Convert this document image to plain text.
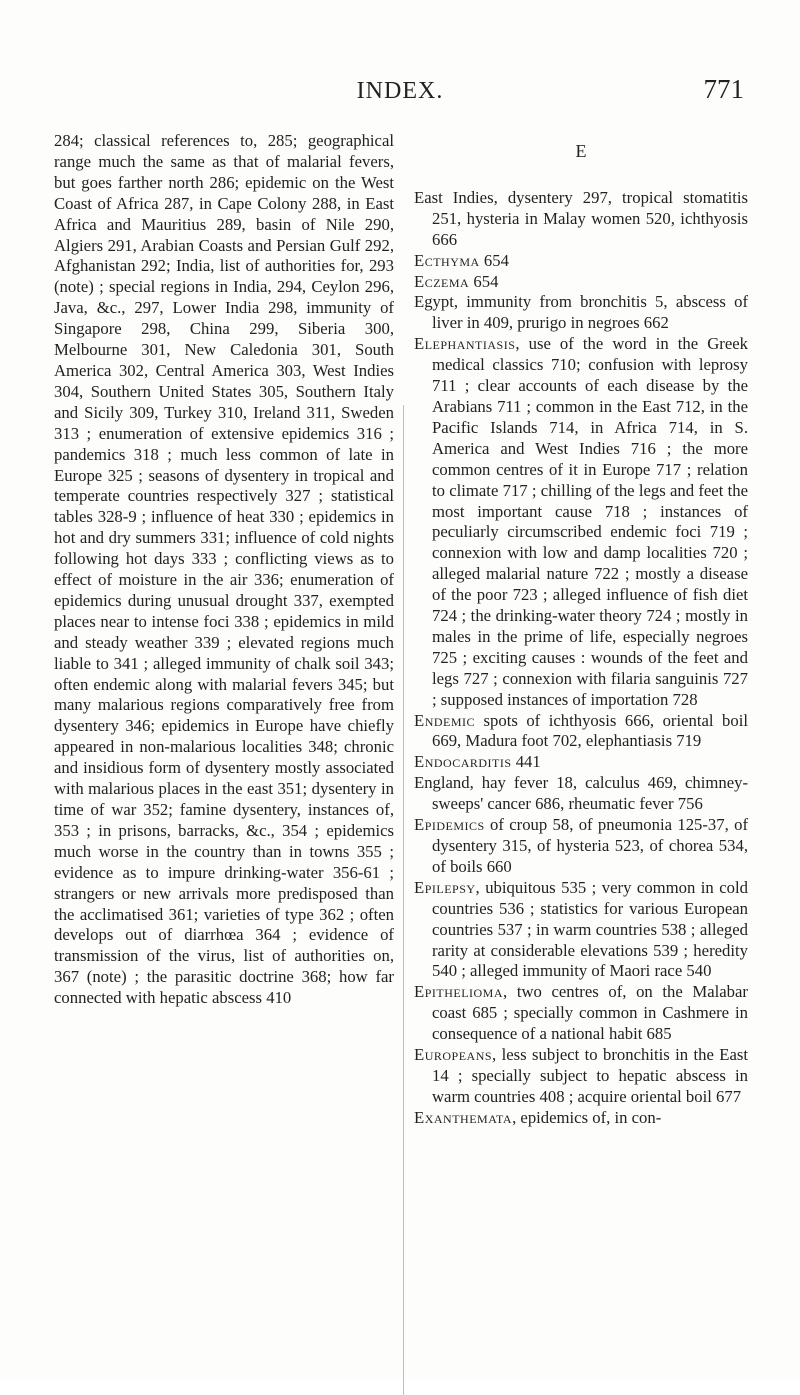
INDEX.	771

284; classical references to, 285; geographical range much the same as that of malarial fevers, but goes farther north 286; epidemic on the West Coast of Africa 287, in Cape Colony 288, in East Africa and Mauritius 289, basin of Nile 290, Algiers 291, Arabian Coasts and Persian Gulf 292, Afghanistan 292; India, list of authorities for, 293 (note) ; special regions in India, 294, Ceylon 296, Java, &c., 297, Lower India 298, immunity of Singapore 298, China 299, Siberia 300, Melbourne 301, New Caledonia 301, South America 302, Central America 303, West Indies 304, Southern United States 305, Southern Italy and Sicily 309, Turkey 310, Ireland 311, Sweden 313 ; enumeration of extensive epidemics 316 ; pandemics 318 ; much less common of late in Europe 325 ; seasons of dysentery in tropical and temperate countries respectively 327 ; statistical tables 328-9 ; influence of heat 330 ; epidemics in hot and dry summers 331; influence of cold nights following hot days 333 ; conflicting views as to effect of moisture in the air 336; enumeration of epidemics during unusual drought 337, exempted places near to intense foci 338 ; epidemics in mild and steady weather 339 ; elevated regions much liable to 341 ; alleged immunity of chalk soil 343; often endemic along with malarial fevers 345; but many malarious regions comparatively free from dysentery 346; epidemics in Europe have chiefly appeared in non-malarious localities 348; chronic and insidious form of dysentery mostly associated with malarious places in the east 351; dysentery in time of war 352; famine dysentery, instances of, 353 ; in prisons, barracks, &c., 354 ; epidemics much worse in the country than in towns 355 ; evidence as to impure drinking-water 356-61 ; strangers or new arrivals more predisposed than the acclimatised 361; varieties of type 362 ; often develops out of diarrhœa 364 ; evidence of transmission of the virus, list of authorities on, 367 (note) ; the parasitic doctrine 368; how far connected with hepatic abscess 410

E

East Indies, dysentery 297, tropical stomatitis 251, hysteria in Malay women 520, ichthyosis 666

Ecthyma 654

Eczema 654

Egypt, immunity from bronchitis 5, abscess of liver in 409, prurigo in negroes 662

Elephantiasis, use of the word in the Greek medical classics 710; confusion with leprosy 711 ; clear accounts of each disease by the Arabians 711 ; common in the East 712, in the Pacific Islands 714, in Africa 714, in S. America and West Indies 716 ; the more common centres of it in Europe 717 ; relation to climate 717 ; chilling of the legs and feet the most important cause 718 ; instances of peculiarly circumscribed endemic foci 719 ; connexion with low and damp localities 720 ; alleged malarial nature 722 ; mostly a disease of the poor 723 ; alleged influence of fish diet 724 ; the drinking-water theory 724 ; mostly in males in the prime of life, especially negroes 725 ; exciting causes : wounds of the feet and legs 727 ; connexion with filaria sanguinis 727 ; supposed instances of importation 728

Endemic spots of ichthyosis 666, oriental boil 669, Madura foot 702, elephantiasis 719

Endocarditis 441

England, hay fever 18, calculus 469, chimney-sweeps' cancer 686, rheumatic fever 756

Epidemics of croup 58, of pneumonia 125-37, of dysentery 315, of hysteria 523, of chorea 534, of boils 660

Epilepsy, ubiquitous 535 ; very common in cold countries 536 ; statistics for various European countries 537 ; in warm countries 538 ; alleged rarity at considerable elevations 539 ; heredity 540 ; alleged immunity of Maori race 540

Epithelioma, two centres of, on the Malabar coast 685 ; specially common in Cashmere in consequence of a national habit 685

Europeans, less subject to bronchitis in the East 14 ; specially subject to hepatic abscess in warm countries 408 ; acquire oriental boil 677

Exanthemata, epidemics of, in con-
